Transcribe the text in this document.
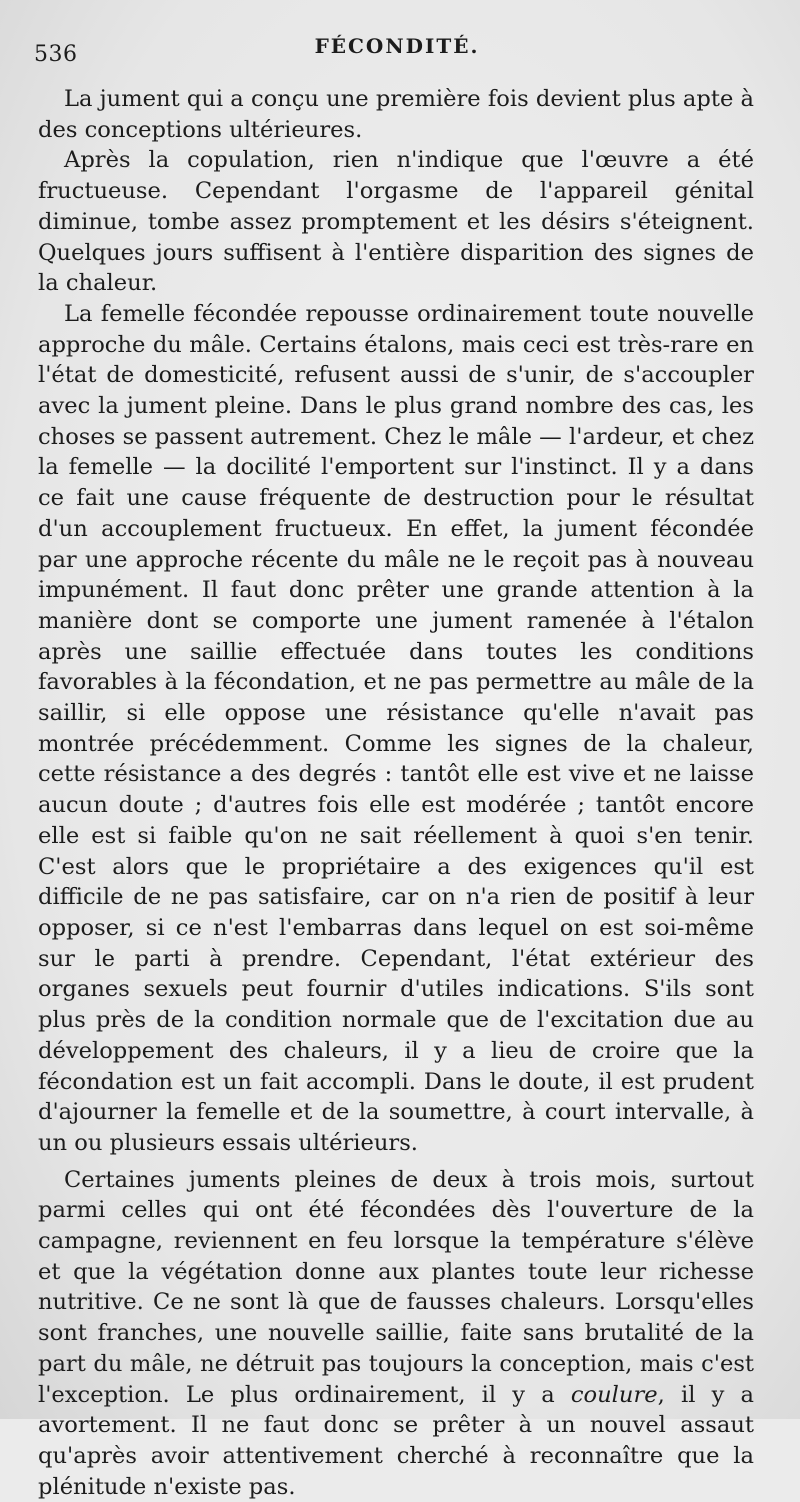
536	FÉCONDITÉ.

La jument qui a conçu une première fois devient plus apte à des conceptions ultérieures.

Après la copulation, rien n'indique que l'œuvre a été fructueuse. Cependant l'orgasme de l'appareil génital diminue, tombe assez promptement et les désirs s'éteignent. Quelques jours suffisent à l'entière disparition des signes de la chaleur.

La femelle fécondée repousse ordinairement toute nouvelle approche du mâle. Certains étalons, mais ceci est très-rare en l'état de domesticité, refusent aussi de s'unir, de s'accoupler avec la jument pleine. Dans le plus grand nombre des cas, les choses se passent autrement. Chez le mâle — l'ardeur, et chez la femelle — la docilité l'emportent sur l'instinct. Il y a dans ce fait une cause fréquente de destruction pour le résultat d'un accouplement fructueux. En effet, la jument fécondée par une approche récente du mâle ne le reçoit pas à nouveau impunément. Il faut donc prêter une grande attention à la manière dont se comporte une jument ramenée à l'étalon après une saillie effectuée dans toutes les conditions favorables à la fécondation, et ne pas permettre au mâle de la saillir, si elle oppose une résistance qu'elle n'avait pas montrée précédemment. Comme les signes de la chaleur, cette résistance a des degrés : tantôt elle est vive et ne laisse aucun doute ; d'autres fois elle est modérée ; tantôt encore elle est si faible qu'on ne sait réellement à quoi s'en tenir. C'est alors que le propriétaire a des exigences qu'il est difficile de ne pas satisfaire, car on n'a rien de positif à leur opposer, si ce n'est l'embarras dans lequel on est soi-même sur le parti à prendre. Cependant, l'état extérieur des organes sexuels peut fournir d'utiles indications. S'ils sont plus près de la condition normale que de l'excitation due au développement des chaleurs, il y a lieu de croire que la fécondation est un fait accompli. Dans le doute, il est prudent d'ajourner la femelle et de la soumettre, à court intervalle, à un ou plusieurs essais ultérieurs.

Certaines juments pleines de deux à trois mois, surtout parmi celles qui ont été fécondées dès l'ouverture de la campagne, reviennent en feu lorsque la température s'élève et que la végétation donne aux plantes toute leur richesse nutritive. Ce ne sont là que de fausses chaleurs. Lorsqu'elles sont franches, une nouvelle saillie, faite sans brutalité de la part du mâle, ne détruit pas toujours la conception, mais c'est l'exception. Le plus ordinairement, il y a coulure, il y a avortement. Il ne faut donc se prêter à un nouvel assaut qu'après avoir attentivement cherché à reconnaître que la plénitude n'existe pas.
